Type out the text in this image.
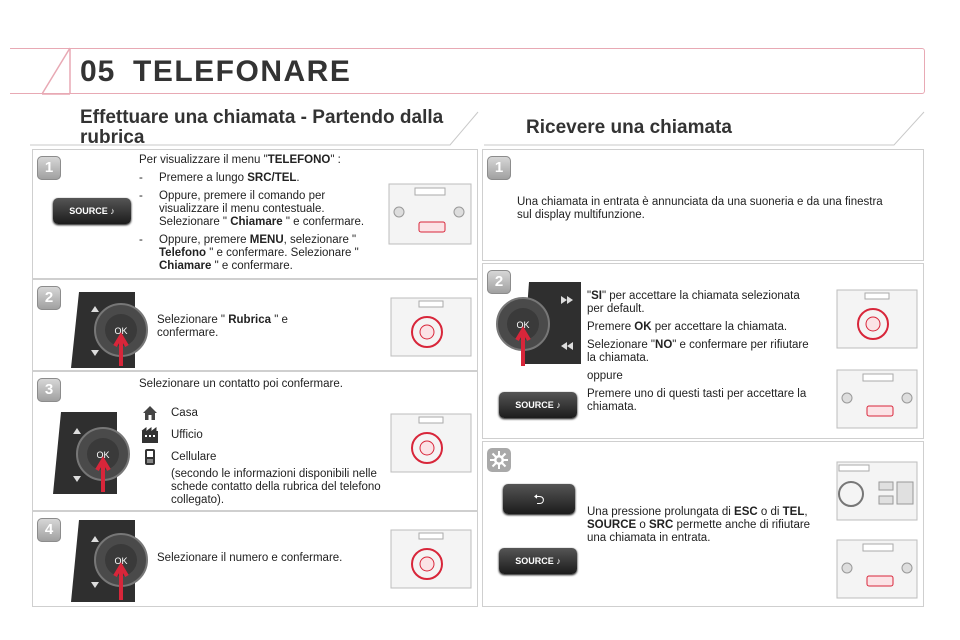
05 TELEFONARE
Effettuare una chiamata - Partendo dalla
rubrica	Ricevere una chiamata
1
SOURCE ♪

Per visualizzare il menu "TELEFONO" :

-	Premere a lungo SRC/TEL.
-	Oppure, premere il comando per visualizzare il menu contestuale. Selezionare " Chiamare " e confermare.
-	Oppure, premere MENU, selezionare " Telefono " e confermare. Selezionare " Chiamare " e confermare.
2
OK
Selezionare " Rubrica " e confermare.
3
OK
Selezionare un contatto poi confermare.
Casa
Ufficio
Cellulare
(secondo le informazioni disponibili nelle schede contatto della rubrica del telefono collegato).
4
OK	Selezionare il numero e confermare.
1
Una chiamata in entrata è annunciata da una suoneria e da una finestra sul display multifunzione.
2
OK
SOURCE ♪

"SI" per accettare la chiamata selezionata per default.

Premere OK per accettare la chiamata.

Selezionare "NO" e confermare per rifiutare la chiamata.

oppure

Premere uno di questi tasti per accettare la chiamata.

⮌
SOURCE ♪
Una pressione prolungata di ESC o di TEL, SOURCE o SRC permette anche di rifiutare una chiamata in entrata.
